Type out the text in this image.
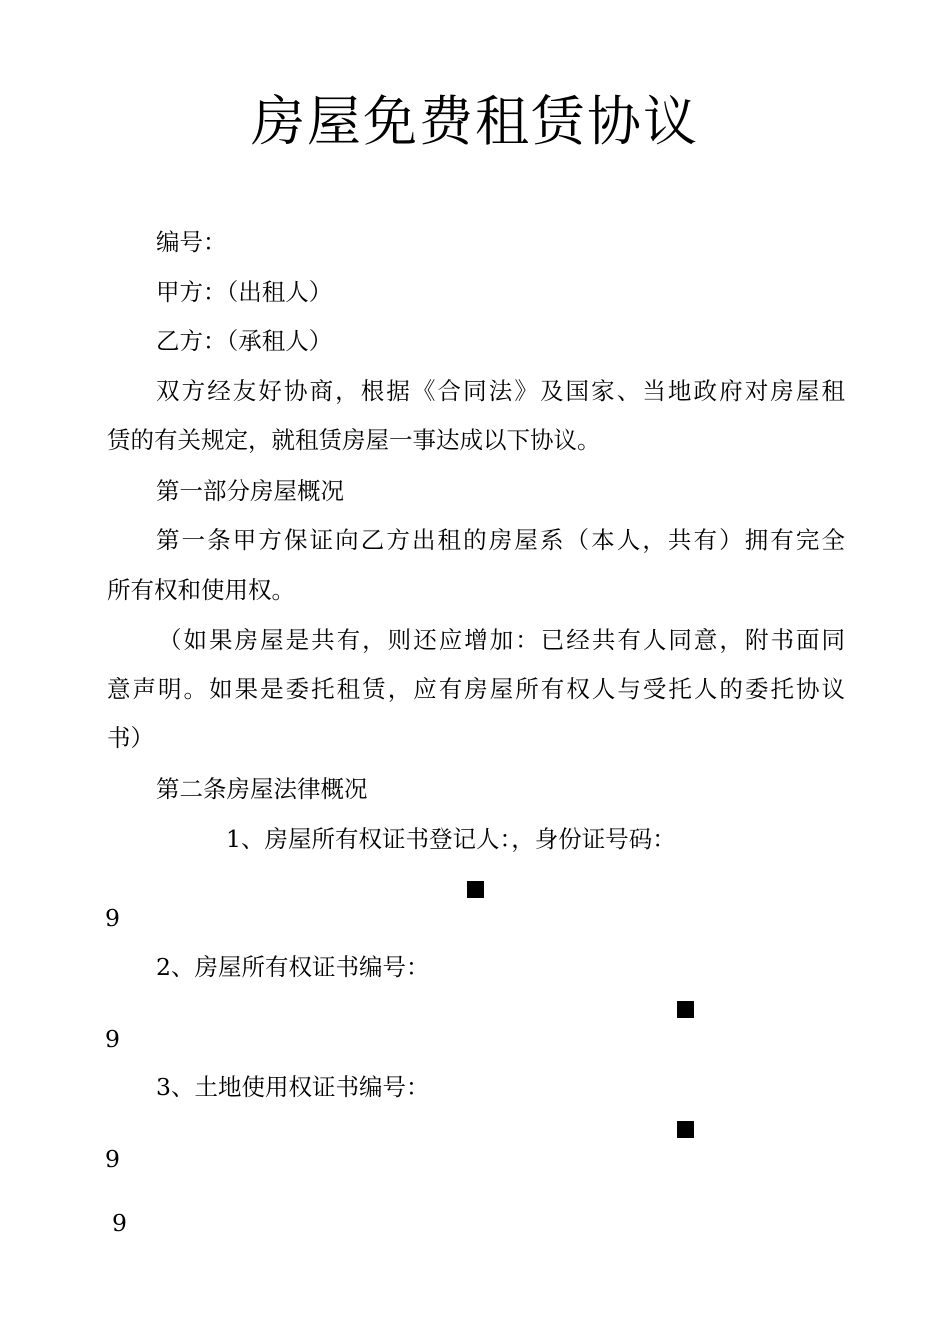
房屋免费租赁协议
编号：
甲方：（出租人）
乙方：（承租人）
双方经友好协商，根据《合同法》及国家、当地政府对房屋租
赁的有关规定，就租赁房屋一事达成以下协议。
第一部分房屋概况
第一条甲方保证向乙方出租的房屋系（本人，共有）拥有完全
所有权和使用权。
（如果房屋是共有，则还应增加：已经共有人同意，附书面同
意声明。如果是委托租赁，应有房屋所有权人与受托人的委托协议
书）
第二条房屋法律概况
1、房屋所有权证书登记人：，身份证号码：
9
2、房屋所有权证书编号：
9
3、土地使用权证书编号：
9
9
